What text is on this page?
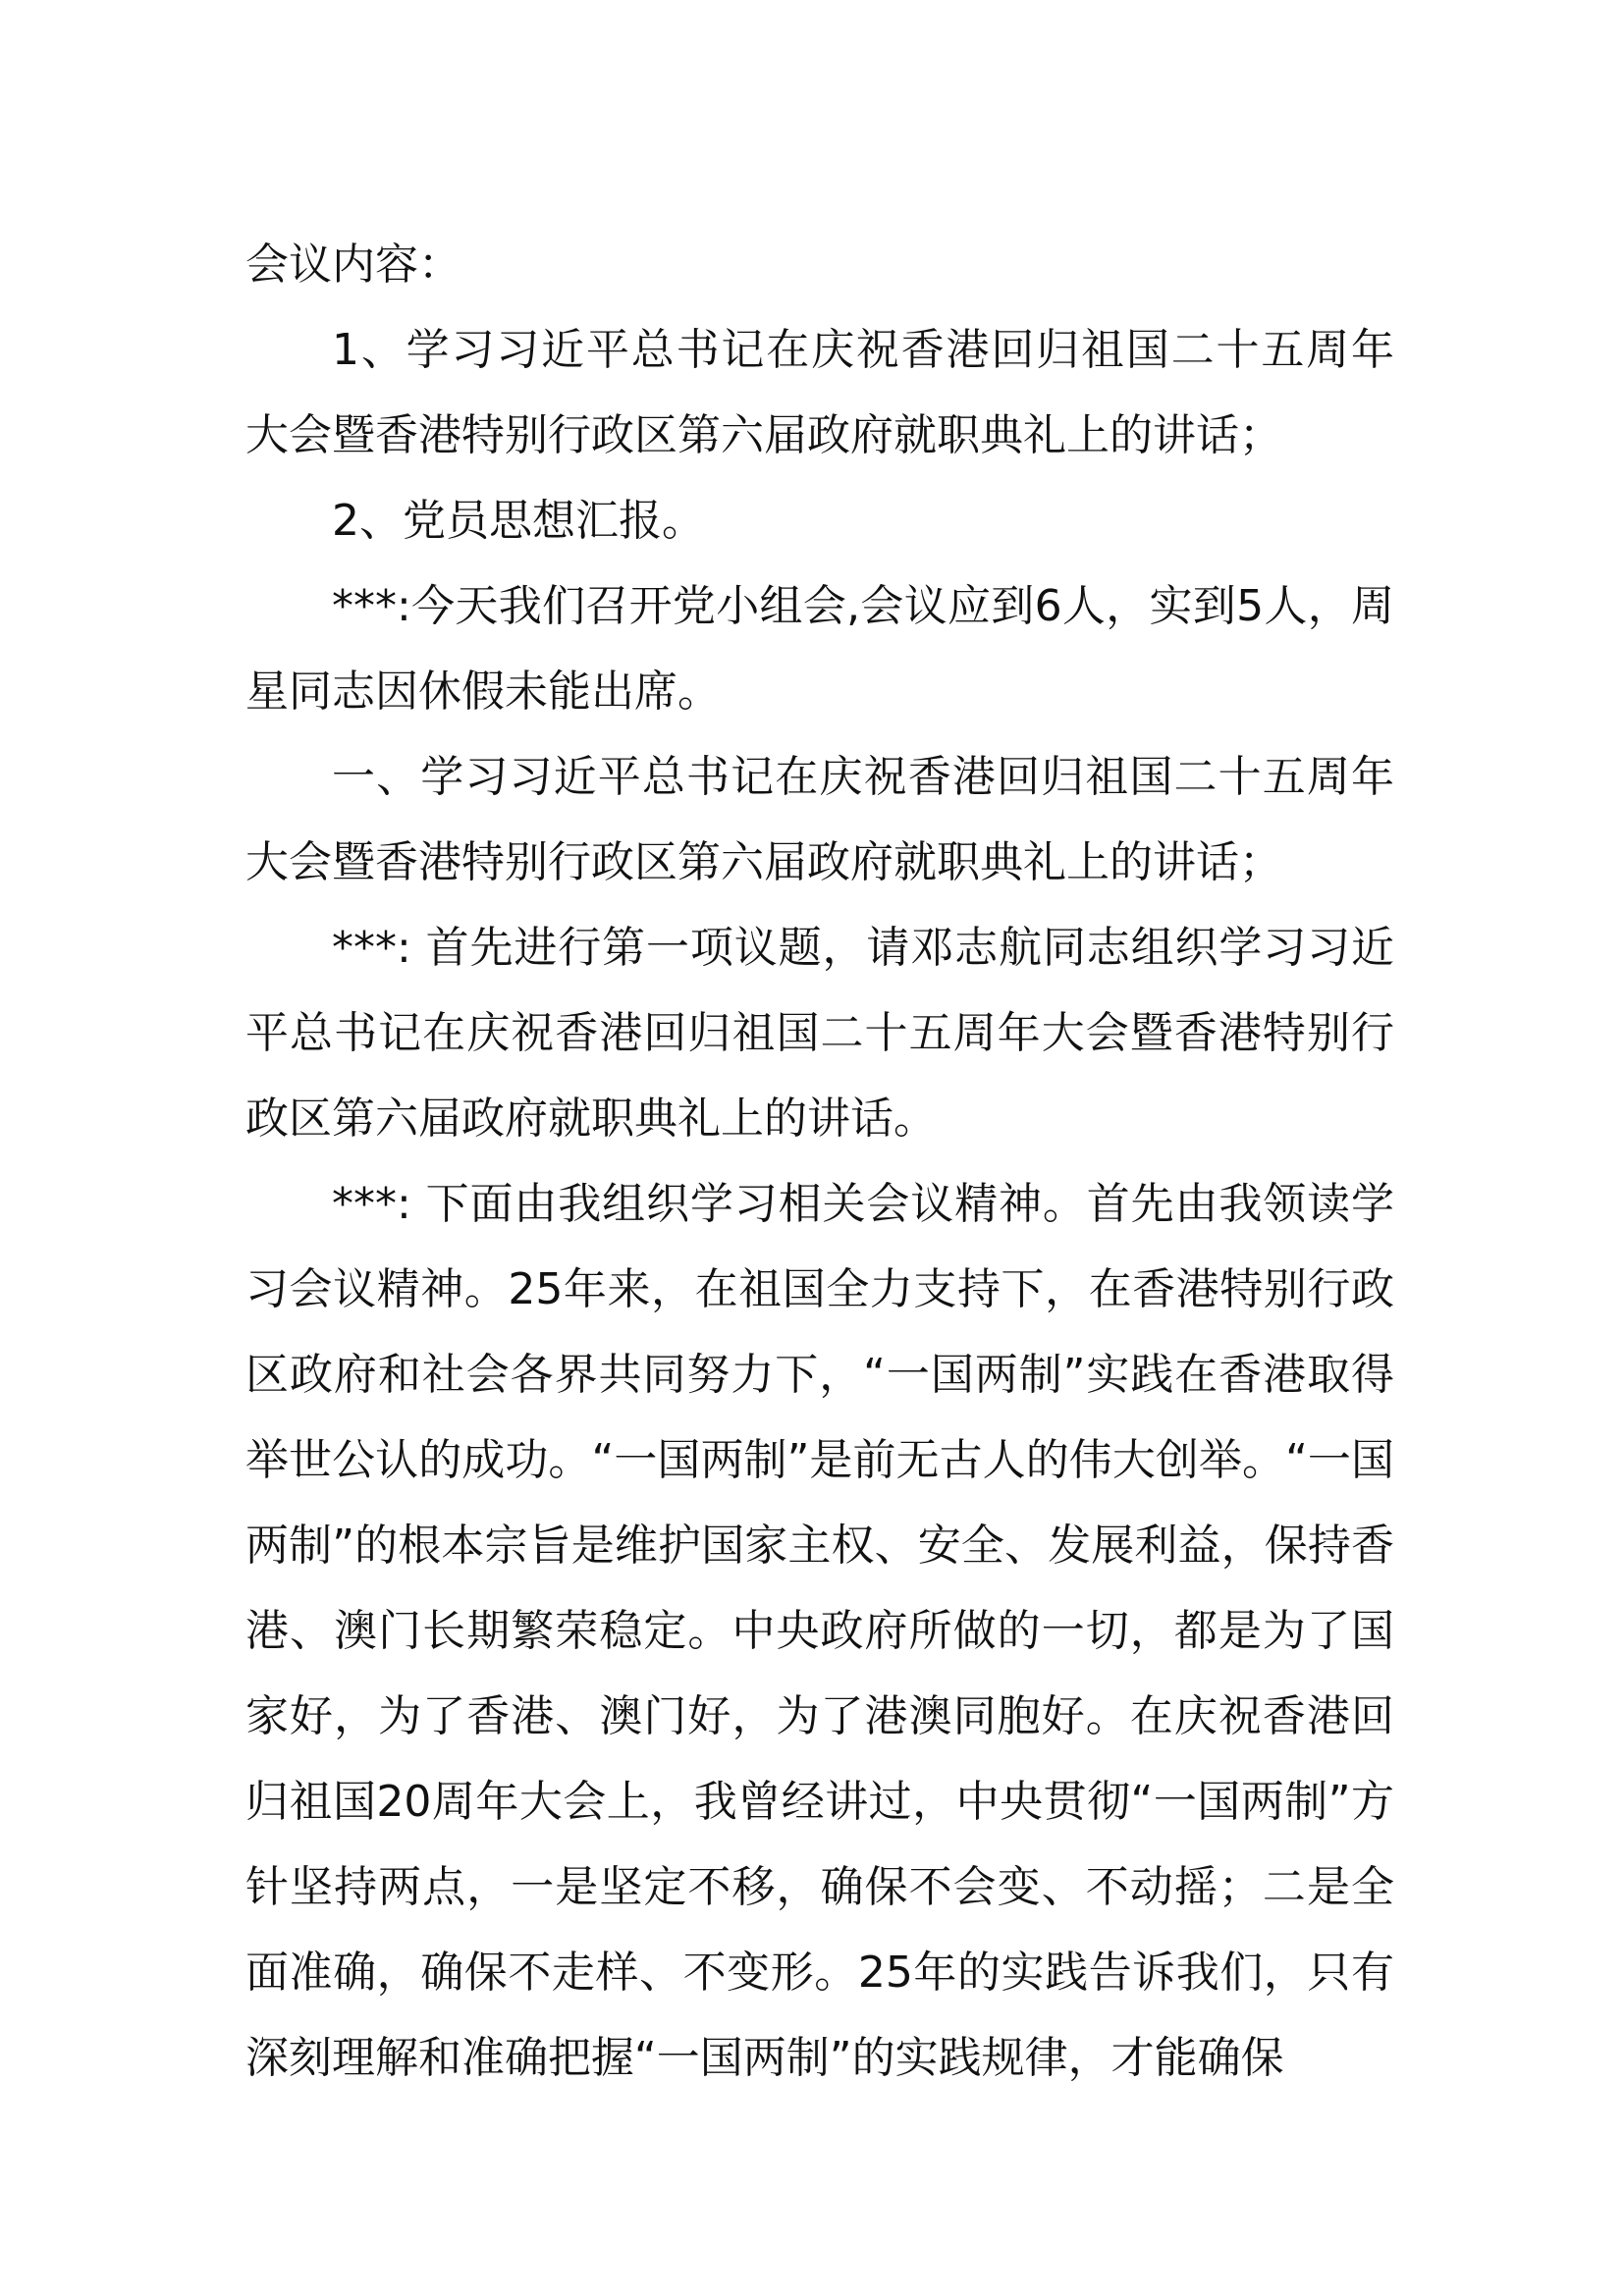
会议内容：

1、学习习近平总书记在庆祝香港回归祖国二十五周年大会暨香港特别行政区第六届政府就职典礼上的讲话；

2、党员思想汇报。

***:今天我们召开党小组会,会议应到6人，实到5人，周星同志因休假未能出席。

一、学习习近平总书记在庆祝香港回归祖国二十五周年大会暨香港特别行政区第六届政府就职典礼上的讲话；

***: 首先进行第一项议题，请邓志航同志组织学习习近平总书记在庆祝香港回归祖国二十五周年大会暨香港特别行政区第六届政府就职典礼上的讲话。

***: 下面由我组织学习相关会议精神。首先由我领读学习会议精神。25年来，在祖国全力支持下，在香港特别行政区政府和社会各界共同努力下，“一国两制”实践在香港取得举世公认的成功。“一国两制”是前无古人的伟大创举。“一国两制”的根本宗旨是维护国家主权、安全、发展利益，保持香港、澳门长期繁荣稳定。中央政府所做的一切，都是为了国家好，为了香港、澳门好，为了港澳同胞好。在庆祝香港回归祖国20周年大会上，我曾经讲过，中央贯彻“一国两制”方针坚持两点，一是坚定不移，确保不会变、不动摇；二是全面准确，确保不走样、不变形。25年的实践告诉我们，只有深刻理解和准确把握“一国两制”的实践规律，才能确保
